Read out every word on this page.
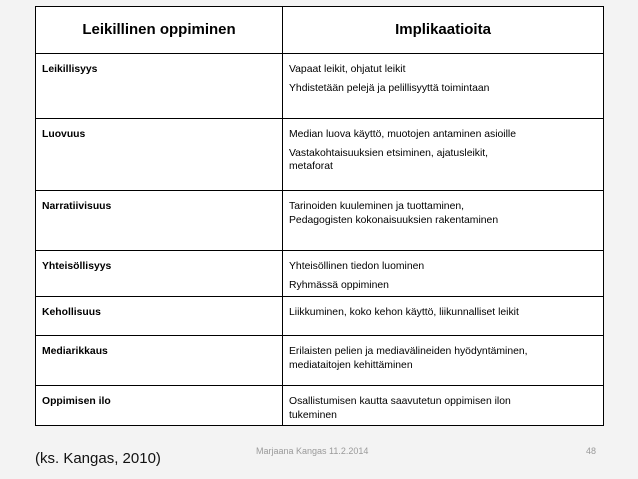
Leikillinen oppiminen	Implikaatioita
Leikillisyys	Vapaat leikit, ohjatut leikit
Yhdistetään pelejä ja pelillisyyttä toimintaan

Luovuus	Median luova käyttö, muotojen antaminen asioille
Vastakohtaisuuksien etsiminen, ajatusleikit,
metaforat

Narratiivisuus	Tarinoiden kuuleminen ja tuottaminen,
Pedagogisten kokonaisuuksien rakentaminen

Yhteisöllisyys	Yhteisöllinen tiedon luominen
Ryhmässä oppiminen

Kehollisuus	Liikkuminen, koko kehon käyttö, liikunnalliset leikit

Mediarikkaus	Erilaisten pelien ja mediavälineiden hyödyntäminen,
mediataitojen kehittäminen

Oppimisen ilo	Osallistumisen kautta saavutetun oppimisen ilon
tukeminen
(ks. Kangas, 2010)	Marjaana Kangas 11.2.2014	48
